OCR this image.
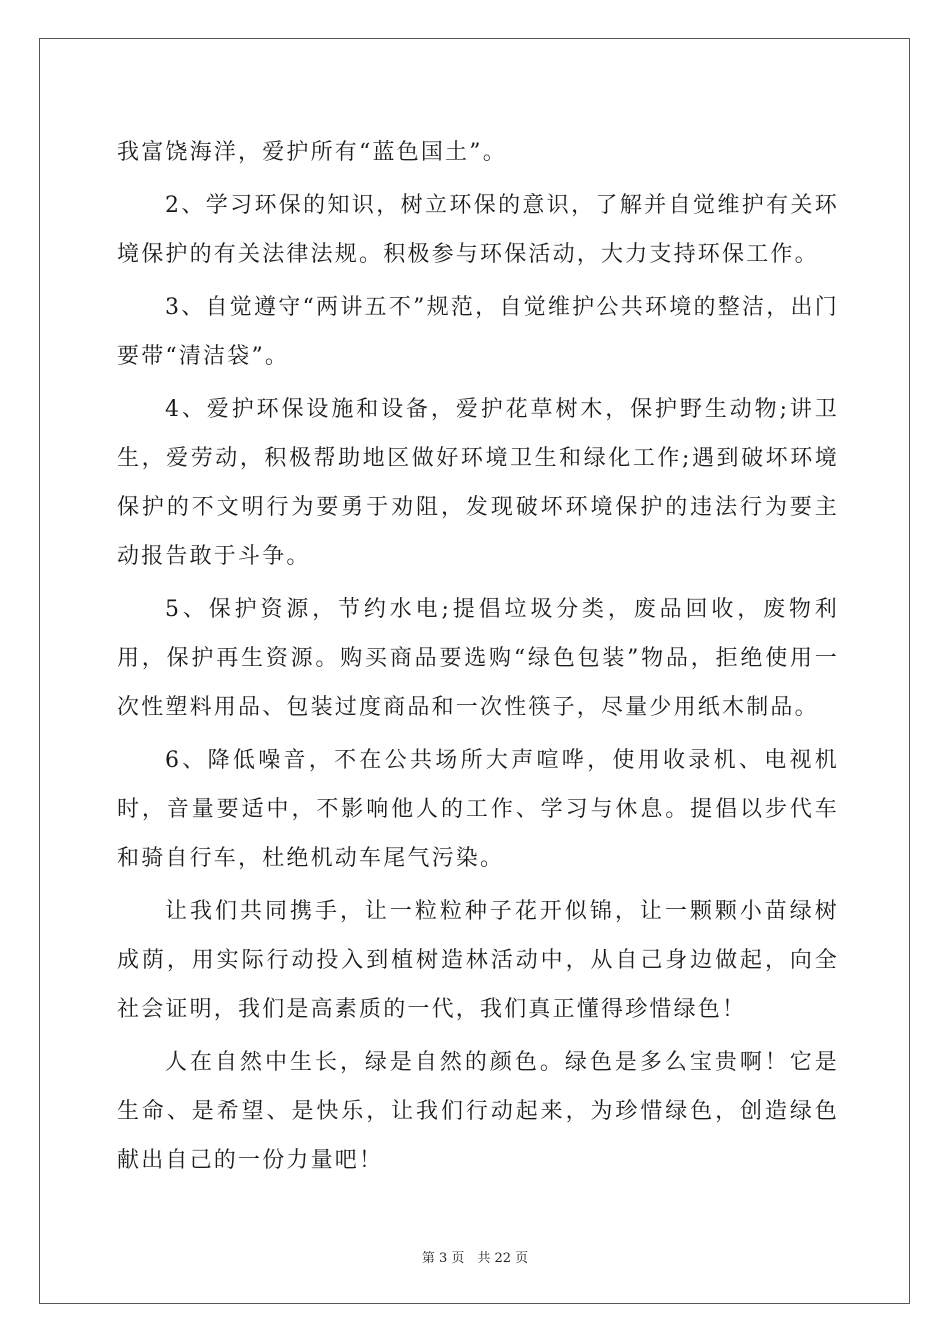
我富饶海洋，爱护所有“蓝色国土”。

2、学习环保的知识，树立环保的意识，了解并自觉维护有关环境保护的有关法律法规。积极参与环保活动，大力支持环保工作。

3、自觉遵守“两讲五不”规范，自觉维护公共环境的整洁，出门要带“清洁袋”。

4、爱护环保设施和设备，爱护花草树木，保护野生动物;讲卫生，爱劳动，积极帮助地区做好环境卫生和绿化工作;遇到破坏环境保护的不文明行为要勇于劝阻，发现破坏环境保护的违法行为要主动报告敢于斗争。

5、保护资源，节约水电;提倡垃圾分类，废品回收，废物利用，保护再生资源。购买商品要选购“绿色包装”物品，拒绝使用一次性塑料用品、包装过度商品和一次性筷子，尽量少用纸木制品。

6、降低噪音，不在公共场所大声喧哗，使用收录机、电视机时，音量要适中，不影响他人的工作、学习与休息。提倡以步代车和骑自行车，杜绝机动车尾气污染。

让我们共同携手，让一粒粒种子花开似锦，让一颗颗小苗绿树成荫，用实际行动投入到植树造林活动中，从自己身边做起，向全社会证明，我们是高素质的一代，我们真正懂得珍惜绿色！

人在自然中生长，绿是自然的颜色。绿色是多么宝贵啊！它是生命、是希望、是快乐，让我们行动起来，为珍惜绿色，创造绿色献出自己的一份力量吧！

第 3 页　共 22 页
